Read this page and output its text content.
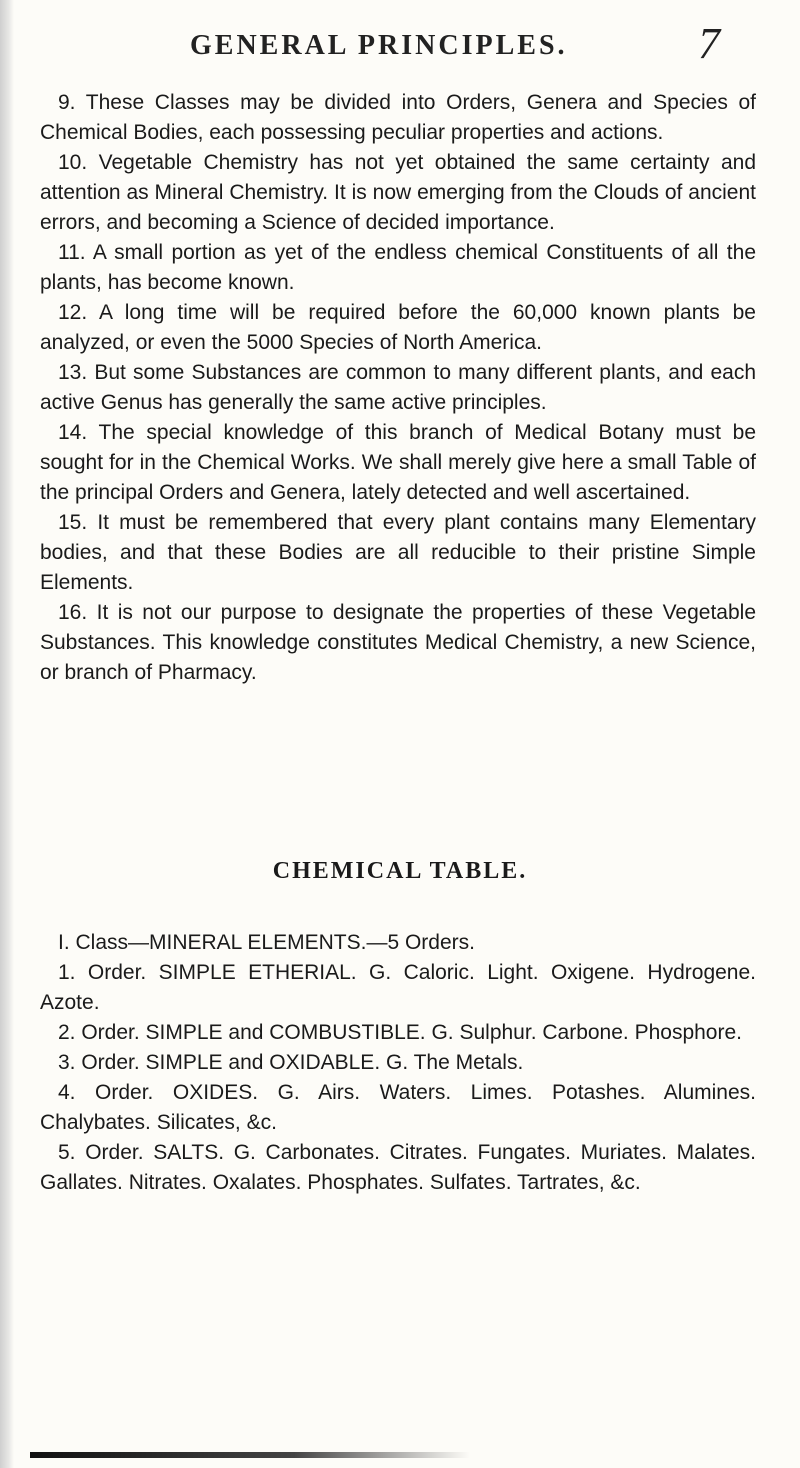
GENERAL PRINCIPLES.	7

9. These Classes may be divided into Orders, Genera and Species of Chemical Bodies, each possessing peculiar properties and actions.

10. Vegetable Chemistry has not yet obtained the same certainty and attention as Mineral Chemistry. It is now emerging from the Clouds of ancient errors, and becoming a Science of decided importance.

11. A small portion as yet of the endless chemical Constituents of all the plants, has become known.

12. A long time will be required before the 60,000 known plants be analyzed, or even the 5000 Species of North America.

13. But some Substances are common to many different plants, and each active Genus has generally the same active principles.

14. The special knowledge of this branch of Medical Botany must be sought for in the Chemical Works. We shall merely give here a small Table of the principal Orders and Genera, lately detected and well ascertained.

15. It must be remembered that every plant contains many Elementary bodies, and that these Bodies are all reducible to their pristine Simple Elements.

16. It is not our purpose to designate the properties of these Vegetable Substances. This knowledge constitutes Medical Chemistry, a new Science, or branch of Pharmacy.

CHEMICAL TABLE.

I. Class—MINERAL ELEMENTS.—5 Orders.

1. Order. SIMPLE ETHERIAL. G. Caloric. Light. Oxigene. Hydrogene. Azote.

2. Order. SIMPLE and COMBUSTIBLE. G. Sulphur. Carbone. Phosphore.

3. Order. SIMPLE and OXIDABLE. G. The Metals.

4. Order. OXIDES. G. Airs. Waters. Limes. Potashes. Alumines. Chalybates. Silicates, &c.

5. Order. SALTS. G. Carbonates. Citrates. Fungates. Muriates. Malates. Gallates. Nitrates. Oxalates. Phosphates. Sulfates. Tartrates, &c.
